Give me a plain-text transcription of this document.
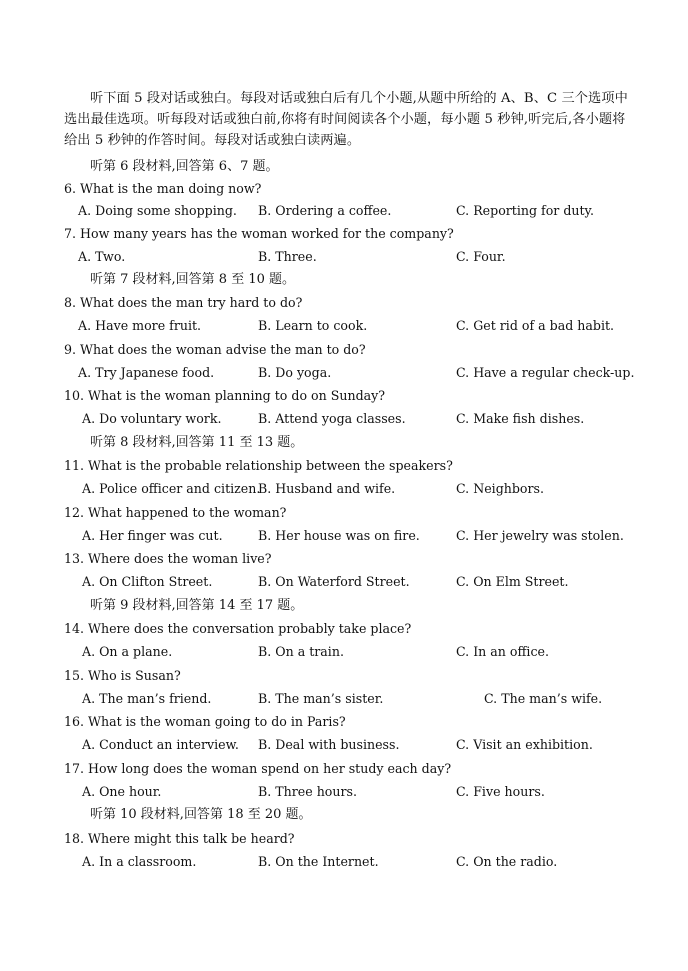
听下面 5 段对话或独白。每段对话或独白后有几个小题,从题中所给的 A、B、C 三个选项中选出最佳选项。听每段对话或独白前,你将有时间阅读各个小题，每小题 5 秒钟,听完后,各小题将给出 5 秒钟的作答时间。每段对话或独白读两遍。
听第 6 段材料,回答第 6、7 题。
6. What is the man doing now?
A. Doing some shopping. B. Ordering a coffee.	C. Reporting for duty.
7. How many years has the woman worked for the company?
A. Two.	B. Three.	C. Four.
听第 7 段材料,回答第 8 至 10 题。
8. What does the man try hard to do?
A. Have more fruit.	B. Learn to cook.	C. Get rid of a bad habit.
9. What does the woman advise the man to do?
A. Try Japanese food.	B. Do yoga.	C. Have a regular check-up.
10. What is the woman planning to do on Sunday?
A. Do voluntary work.	B. Attend yoga classes.	C. Make fish dishes.
听第 8 段材料,回答第 11 至 13 题。
11. What is the probable relationship between the speakers?
A. Police officer and citizen.
B. Husband and wife.	C. Neighbors.
12. What happened to the woman?
A. Her finger was cut.	B. Her house was on fire.	C. Her jewelry was stolen.
13. Where does the woman live?
A. On Clifton Street.	B. On Waterford Street.	C. On Elm Street.
听第 9 段材料,回答第 14 至 17 题。
14. Where does the conversation probably take place?
A. On a plane.	B. On a train.	C. In an office.
15. Who is Susan?
A. The man’s friend.	B. The man’s sister.	C. The man’s wife.
16. What is the woman going to do in Paris?
A. Conduct an interview. B. Deal with business.	C. Visit an exhibition.
17. How long does the woman spend on her study each day?
A. One hour.	B. Three hours.	C. Five hours.
听第 10 段材料,回答第 18 至 20 题。
18. Where might this talk be heard?
A. In a classroom.	B. On the Internet.	C. On the radio.
